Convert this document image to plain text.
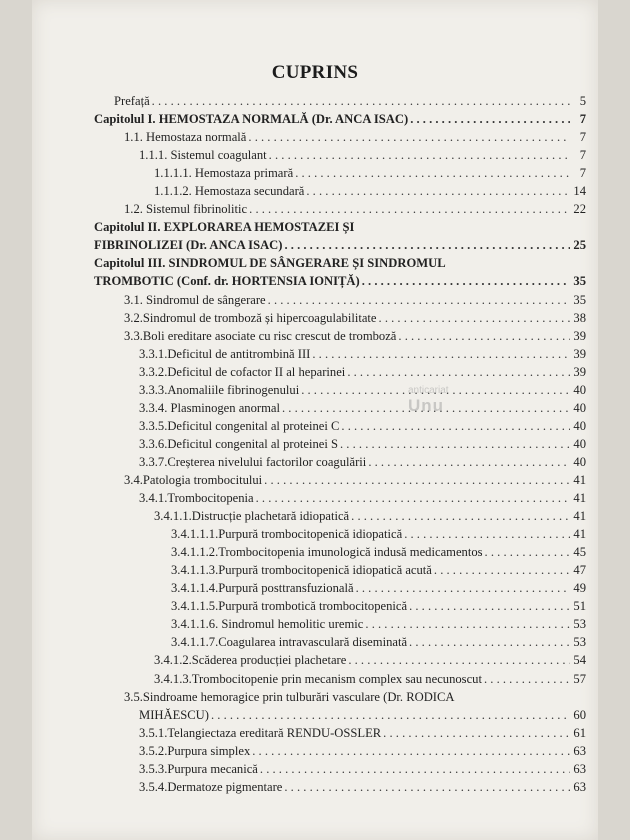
CUPRINS
Prefață . . .	5
Capitolul I. HEMOSTAZA NORMALĂ (Dr. ANCA ISAC) . . .	7
1.1. Hemostaza normală . . .	7
1.1.1. Sistemul coagulant . . .	7
1.1.1.1. Hemostaza primară . . .	7
1.1.1.2. Hemostaza secundară . . .	14
1.2. Sistemul fibrinolitic . . .	22
Capitolul II. EXPLORAREA HEMOSTAZEI ȘI
FIBRINOLIZEI (Dr. ANCA ISAC) . . .	25
Capitolul III. SINDROMUL DE SÂNGERARE ȘI SINDROMUL
TROMBOTIC (Conf. dr. HORTENSIA IONIȚĂ) . . .	35
3.1. Sindromul de sângerare . . .	35
3.2.Sindromul de tromboză și hipercoagulabilitate . . .	38
3.3.Boli ereditare asociate cu risc crescut de tromboză . . .	39
3.3.1.Deficitul de antitrombină III . . .	39
3.3.2.Deficitul de cofactor II al heparinei . . .	39
3.3.3.Anomaliile fibrinogenului . . .	40
3.3.4. Plasminogen anormal . . .	40
3.3.5.Deficitul congenital al proteinei C . . .	40
3.3.6.Deficitul congenital al proteinei S . . .	40
3.3.7.Creșterea nivelului factorilor coagulării . . .	40
3.4.Patologia trombocitului . . .	41
3.4.1.Trombocitopenia . . .	41
3.4.1.1.Distrucție plachetară idiopatică . . .	41
3.4.1.1.1.Purpură trombocitopenică idiopatică . . .	41
3.4.1.1.2.Trombocitopenia imunologică indusă medicamentos . . .	45
3.4.1.1.3.Purpură trombocitopenică idiopatică acută . . .	47
3.4.1.1.4.Purpură posttransfuzională . . .	49
3.4.1.1.5.Purpură trombotică trombocitopenică . . .	51
3.4.1.1.6. Sindromul hemolitic uremic . . .	53
3.4.1.1.7.Coagularea intravasculară diseminată . . .	53
3.4.1.2.Scăderea producției plachetare . . .	54
3.4.1.3.Trombocitopenie prin mecanism complex sau necunoscut . . .	57
3.5.Sindroame hemoragice prin tulburări vasculare (Dr. RODICA
MIHĂESCU) . . .	60
3.5.1.Telangiectaza ereditară RENDU-OSSLER . . .	61
3.5.2.Purpura simplex . . .	63
3.5.3.Purpura mecanică . . .	63
3.5.4.Dermatoze pigmentare . . .	63
anticariat
Unu
